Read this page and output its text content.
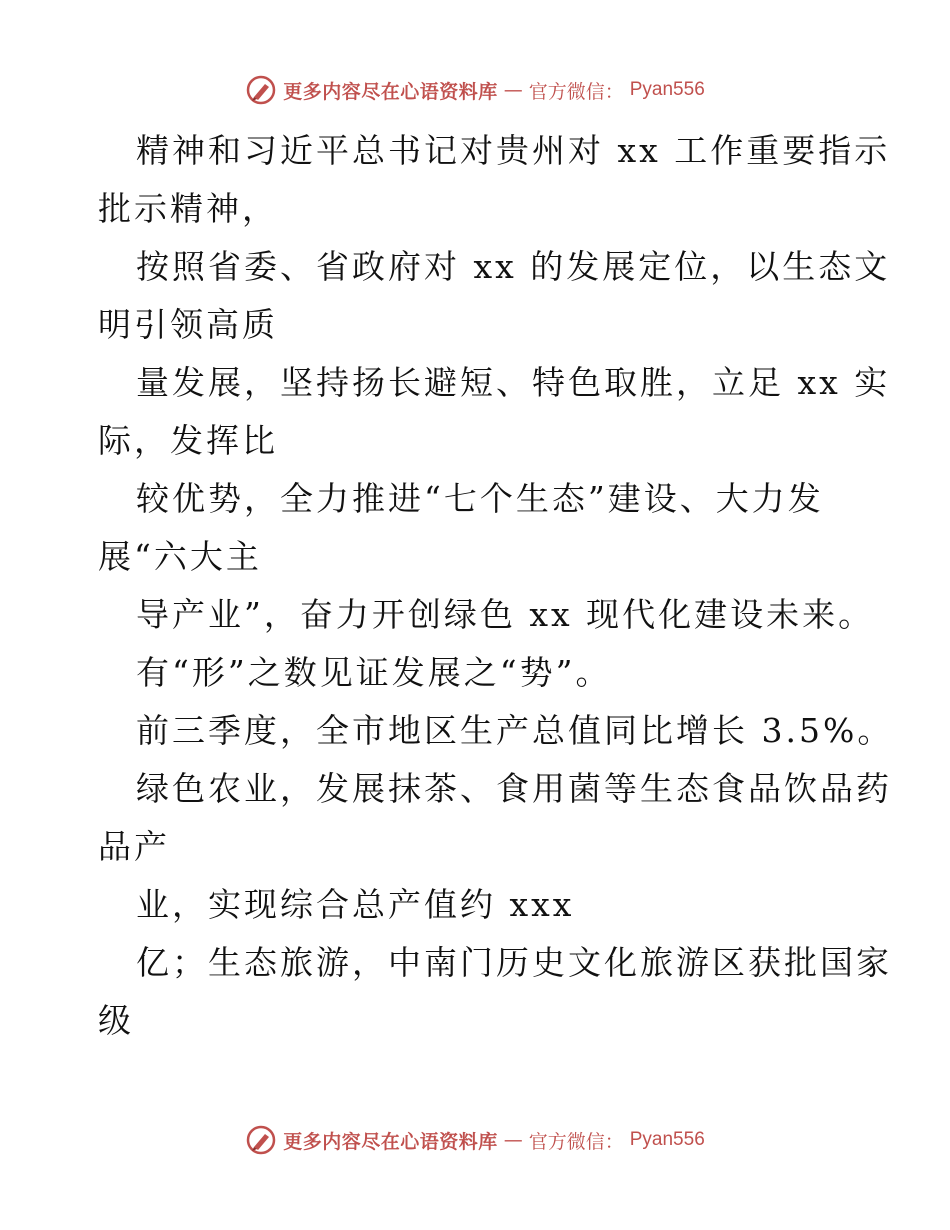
更多内容尽在心语资料库 — 官方微信： Pyan556
精神和习近平总书记对贵州对 xx 工作重要指示
批示精神，
按照省委、省政府对 xx 的发展定位，以生态文
明引领高质
量发展，坚持扬长避短、特色取胜，立足 xx 实
际，发挥比
较优势，全力推进“七个生态”建设、大力发
展“六大主
导产业”，奋力开创绿色 xx 现代化建设未来。
有“形”之数见证发展之“势”。
前三季度，全市地区生产总值同比增长 3.5%。
绿色农业，发展抹茶、食用菌等生态食品饮品药
品产
业，实现综合总产值约 xxx
亿；生态旅游，中南门历史文化旅游区获批国家
级
更多内容尽在心语资料库 — 官方微信： Pyan556
